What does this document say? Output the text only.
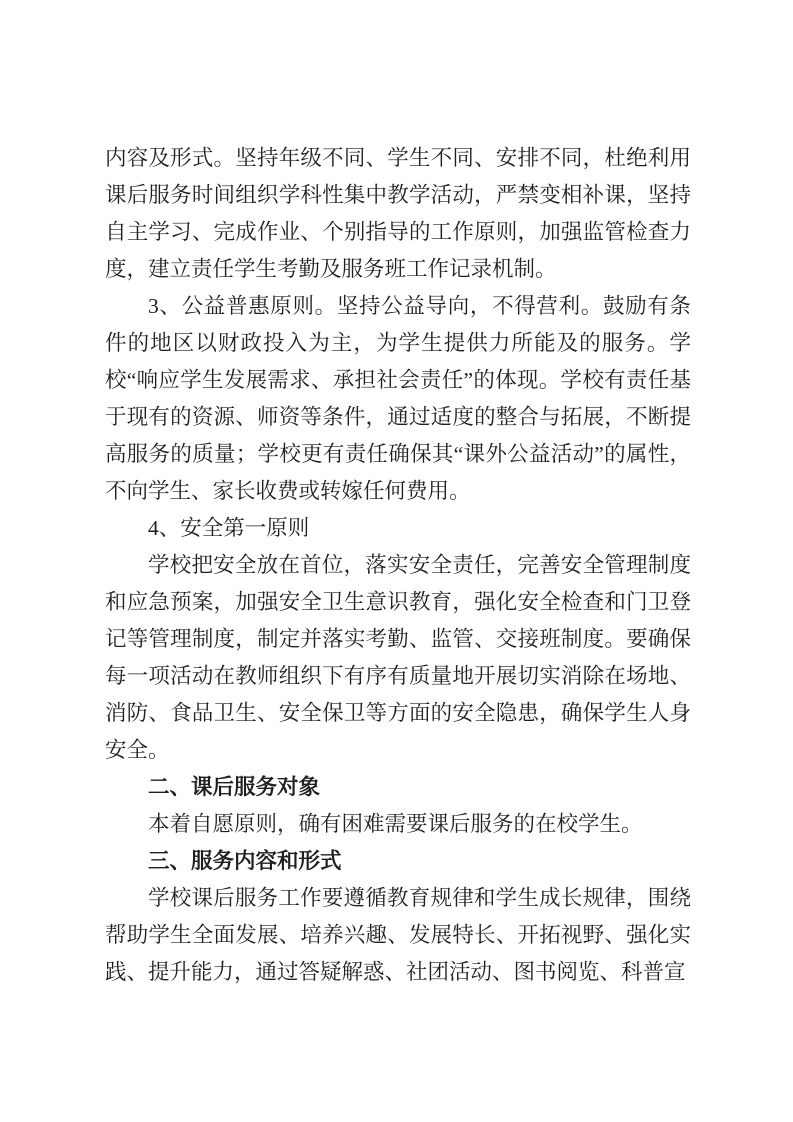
内容及形式。坚持年级不同、学生不同、安排不同，杜绝利用课后服务时间组织学科性集中教学活动，严禁变相补课，坚持自主学习、完成作业、个别指导的工作原则，加强监管检查力度，建立责任学生考勤及服务班工作记录机制。

3、公益普惠原则。坚持公益导向，不得营利。鼓励有条件的地区以财政投入为主，为学生提供力所能及的服务。学校“响应学生发展需求、承担社会责任”的体现。学校有责任基于现有的资源、师资等条件，通过适度的整合与拓展，不断提高服务的质量；学校更有责任确保其“课外公益活动”的属性，不向学生、家长收费或转嫁任何费用。

4、安全第一原则

学校把安全放在首位，落实安全责任，完善安全管理制度和应急预案，加强安全卫生意识教育，强化安全检查和门卫登记等管理制度，制定并落实考勤、监管、交接班制度。要确保每一项活动在教师组织下有序有质量地开展切实消除在场地、消防、食品卫生、安全保卫等方面的安全隐患，确保学生人身安全。

二、课后服务对象

本着自愿原则，确有困难需要课后服务的在校学生。

三、服务内容和形式

学校课后服务工作要遵循教育规律和学生成长规律，围绕帮助学生全面发展、培养兴趣、发展特长、开拓视野、强化实践、提升能力，通过答疑解惑、社团活动、图书阅览、科普宣
